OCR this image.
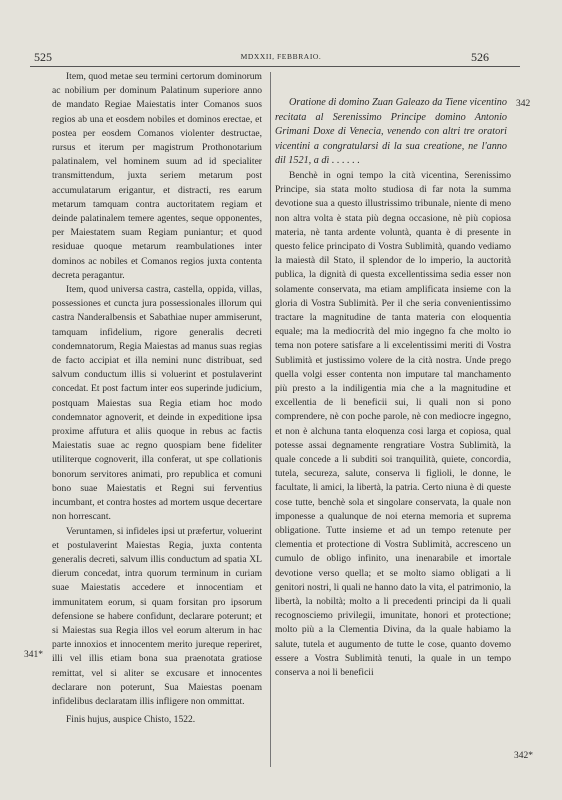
525	MDXXII, FEBBRAIO.	526

Item, quod metae seu termini certorum dominorum ac nobilium per dominum Palatinum superiore anno de mandato Regiae Maiestatis inter Comanos suos regios ab una et eosdem nobiles et dominos erectae, et postea per eosdem Comanos violenter destructae, rursus et iterum per magistrum Prothonotarium palatinalem, vel hominem suum ad id specialiter transmittendum, juxta seriem metarum post accumulatarum erigantur, et distracti, res earum metarum tamquam contra auctoritatem regiam et deinde palatinalem temere agentes, seque opponentes, per Maiestatem suam Regiam puniantur; et quod residuae quoque metarum reambulationes inter dominos ac nobiles et Comanos regios juxta contenta decreta peragantur.

Item, quod universa castra, castella, oppida, villas, possessiones et cuncta jura possessionales illorum qui castra Nanderalbensis et Sabathiae nuper ammiserunt, tamquam infidelium, rigore generalis decreti condemnatorum, Regia Maiestas ad manus suas regias de facto accipiat et illa nemini nunc distribuat, sed salvum conductum illis si voluerint et postulaverint concedat. Et post factum inter eos superinde judicium, postquam Maiestas sua Regia etiam hoc modo condemnator agnoverit, et deinde in expeditione ipsa proxime affutura et aliis quoque in rebus ac factis Maiestatis suae ac regno quospiam bene fideliter utiliterque cognoverit, illa conferat, ut spe collationis bonorum servitores animati, pro republica et comuni bono suae Maiestatis et Regni sui ferventius incumbant, et contra hostes ad mortem usque decertare non horrescant.

Veruntamen, si infideles ipsi ut præfertur, voluerint et postulaverint Maiestas Regia, juxta contenta generalis decreti, salvum illis conductum ad spatia XL dierum concedat, intra quorum terminum in curiam suae Maiestatis accedere et innocentiam et immunitatem eorum, si quam forsitan pro ipsorum defensione se habere confidunt, declarare poterunt; et si Maiestas sua Regia illos vel eorum alterum in hac parte innoxios et innocentem merito jureque reperiret, illi vel illis etiam bona sua praenotata gratiose remittat, vel si aliter se excusare et innocentes declarare non poterunt, Sua Maiestas poenam infidelibus declaratam illis infligere non ommittat.

Finis hujus, auspice Chisto, 1522.

341*

Oratione di domino Zuan Galeazo da Tiene vicentino recitata al Serenissimo Principe domino Antonio Grimani Doxe di Venecia, venendo con altri tre oratori vicentini a congratularsi di la sua creatione, ne l'anno dil 1521, a dì . . . . . .

Benchè in ogni tempo la cità vicentina, Serenissimo Principe, sia stata molto studiosa di far nota la summa devotione sua a questo illustrissimo tribunale, niente di meno non altra volta è stata più degna occasione, nè più copiosa materia, nè tanta ardente voluntà, quanta è di presente in questo felice principato di Vostra Sublimità, quando vediamo la maiestà dil Stato, il splendor de lo imperio, la auctorità publica, la dignità di questa excellentissima sedia esser non solamente conservata, ma etiam amplificata insieme con la gloria di Vostra Sublimità. Per il che seria convenientissimo tractare la magnitudine de tanta materia con eloquentia equale; ma la mediocrità del mio ingegno fa che molto io tema non potere satisfare a li excelentissimi meriti di Vostra Sublimità et justissimo volere de la cità nostra. Unde prego quella volgi esser contenta non imputare tal manchamento più presto a la indiligentia mia che a la magnitudine et excellentia de li beneficii sui, li quali non si pono comprendere, nè con poche parole, nè con mediocre ingegno, et non è alchuna tanta eloquenza cosi larga et copiosa, qual potesse assai degnamente rengratiare Vostra Sublimità, la quale concede a li subditi soi tranquilità, quiete, concordia, tutela, secureza, salute, conserva li figlioli, le donne, le facultate, li amici, la libertà, la patria. Certo niuna è di queste cose tutte, benchè sola et singolare conservata, la quale non imponesse a qualunque de noi eterna memoria et suprema obligatione. Tutte insieme et ad un tempo retenute per clementia et protectione di Vostra Sublimità, accresceno un cumulo de obligo infinito, una inenarabile et imortale devotione verso quella; et se molto siamo obligati a li genitori nostri, li quali ne hanno dato la vita, el patrimonio, la libertà, la nobiltà; molto a li precedenti principi da li quali recognosciemo privilegii, imunitate, honori et protectione; molto più a la Clementia Divina, da la quale habiamo la salute, tutela et augumento de tutte le cose, quanto dovemo essere a Vostra Sublimità tenuti, la quale in un tempo conserva a noi li beneficii

342
342*
